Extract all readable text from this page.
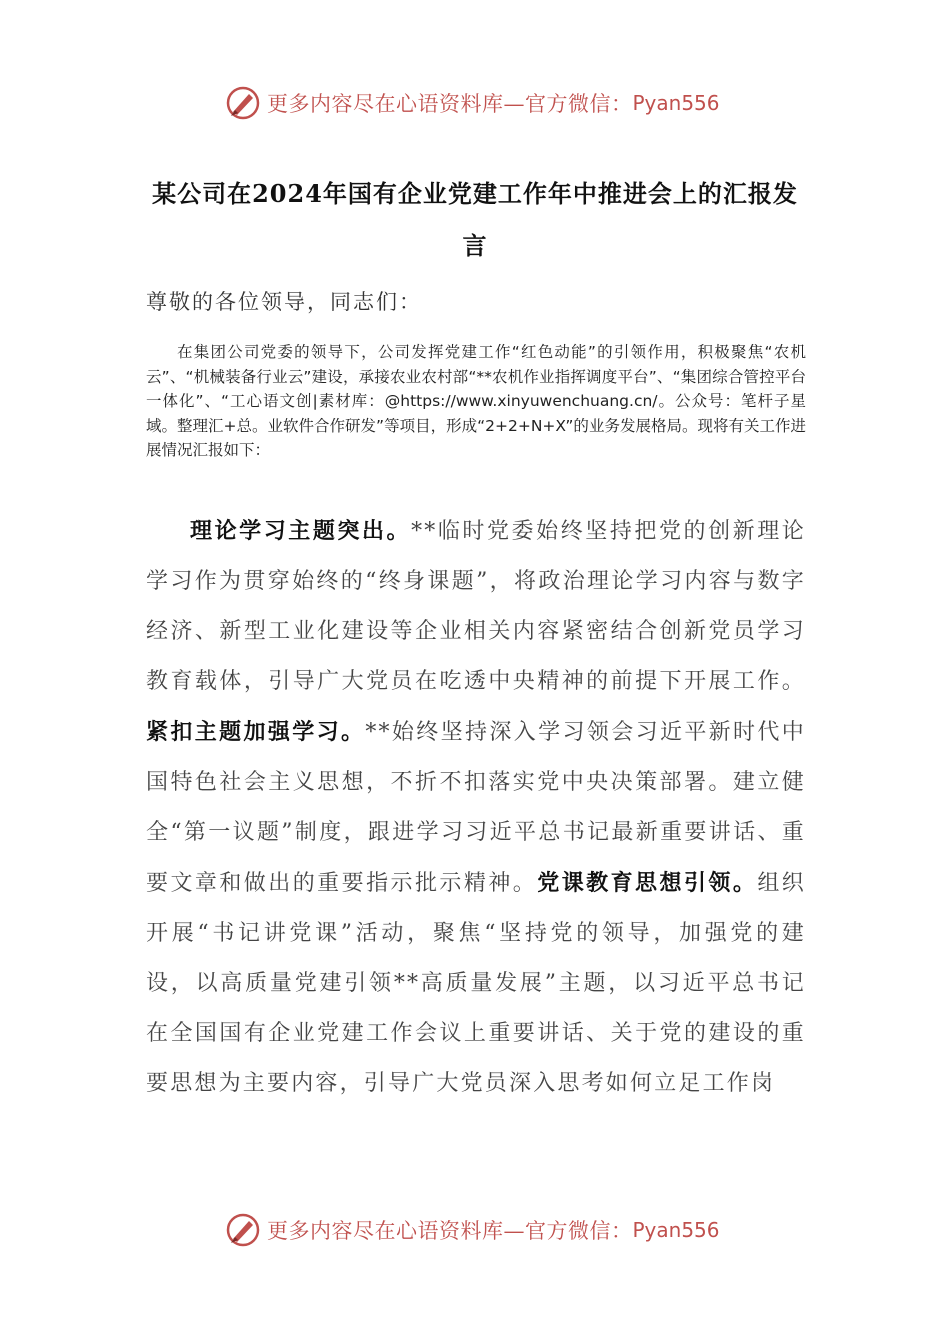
更多内容尽在心语资料库—官方微信： Pyan556
某公司在2024年国有企业党建工作年中推进会上的汇报发言
尊敬的各位领导，同志们：
在集团公司党委的领导下，公司发挥党建工作“红色动能”的引领作用，积极聚焦“农机云”、“机械装备行业云”建设，承接农业农村部“**农机作业指挥调度平台”、“集团综合管控平台一体化”、“工心语文创|素材库：@https://www.xinyuwenchuang.cn/。公众号：笔杆子星域。整理汇+总。业软件合作研发”等项目，形成“2+2+N+X”的业务发展格局。现将有关工作进展情况汇报如下：
理论学习主题突出。**临时党委始终坚持把党的创新理论学习作为贯穿始终的“终身课题”，将政治理论学习内容与数字经济、新型工业化建设等企业相关内容紧密结合创新党员学习教育载体，引导广大党员在吃透中央精神的前提下开展工作。紧扣主题加强学习。**始终坚持深入学习领会习近平新时代中国特色社会主义思想，不折不扣落实党中央决策部署。建立健全“第一议题”制度，跟进学习习近平总书记最新重要讲话、重要文章和做出的重要指示批示精神。党课教育思想引领。组织开展“书记讲党课”活动，聚焦“坚持党的领导，加强党的建设，以高质量党建引领**高质量发展”主题，以习近平总书记在全国国有企业党建工作会议上重要讲话、关于党的建设的重要思想为主要内容，引导广大党员深入思考如何立足工作岗
更多内容尽在心语资料库—官方微信： Pyan556
